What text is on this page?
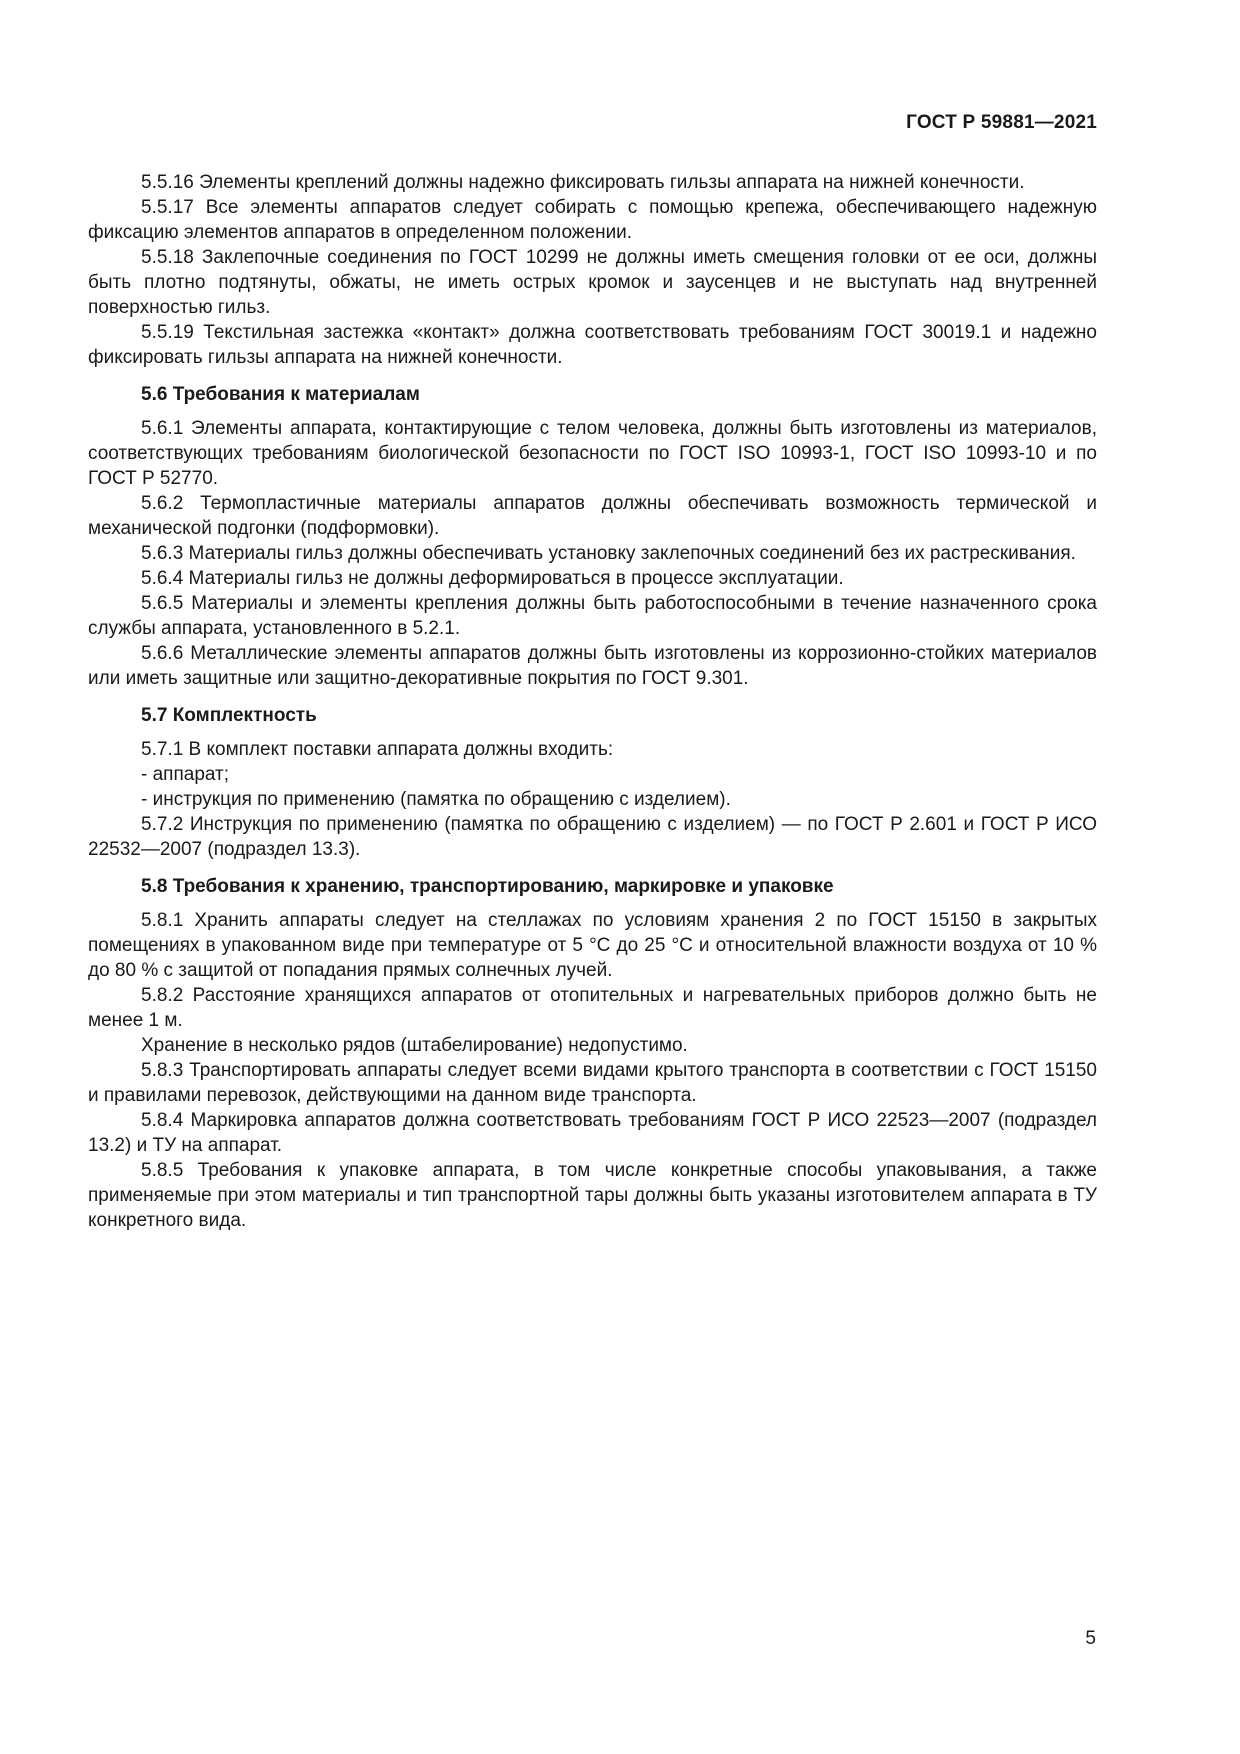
ГОСТ Р 59881—2021

5.5.16 Элементы креплений должны надежно фиксировать гильзы аппарата на нижней конечности.

5.5.17 Все элементы аппаратов следует собирать с помощью крепежа, обеспечивающего надежную фиксацию элементов аппаратов в определенном положении.

5.5.18 Заклепочные соединения по ГОСТ 10299 не должны иметь смещения головки от ее оси, должны быть плотно подтянуты, обжаты, не иметь острых кромок и заусенцев и не выступать над внутренней поверхностью гильз.

5.5.19 Текстильная застежка «контакт» должна соответствовать требованиям ГОСТ 30019.1 и надежно фиксировать гильзы аппарата на нижней конечности.

5.6 Требования к материалам

5.6.1 Элементы аппарата, контактирующие с телом человека, должны быть изготовлены из материалов, соответствующих требованиям биологической безопасности по ГОСТ ISO 10993-1, ГОСТ ISO 10993-10 и по ГОСТ Р 52770.

5.6.2 Термопластичные материалы аппаратов должны обеспечивать возможность термической и механической подгонки (подформовки).

5.6.3 Материалы гильз должны обеспечивать установку заклепочных соединений без их растрескивания.

5.6.4 Материалы гильз не должны деформироваться в процессе эксплуатации.

5.6.5 Материалы и элементы крепления должны быть работоспособными в течение назначенного срока службы аппарата, установленного в 5.2.1.

5.6.6 Металлические элементы аппаратов должны быть изготовлены из коррозионно-стойких материалов или иметь защитные или защитно-декоративные покрытия по ГОСТ 9.301.

5.7 Комплектность

5.7.1 В комплект поставки аппарата должны входить:

- аппарат;

- инструкция по применению (памятка по обращению с изделием).

5.7.2 Инструкция по применению (памятка по обращению с изделием) — по ГОСТ Р 2.601 и ГОСТ Р ИСО 22532—2007 (подраздел 13.3).

5.8 Требования к хранению, транспортированию, маркировке и упаковке

5.8.1 Хранить аппараты следует на стеллажах по условиям хранения 2 по ГОСТ 15150 в закрытых помещениях в упакованном виде при температуре от 5 °С до 25 °С и относительной влажности воздуха от 10 % до 80 % с защитой от попадания прямых солнечных лучей.

5.8.2 Расстояние хранящихся аппаратов от отопительных и нагревательных приборов должно быть не менее 1 м.

Хранение в несколько рядов (штабелирование) недопустимо.

5.8.3 Транспортировать аппараты следует всеми видами крытого транспорта в соответствии с ГОСТ 15150 и правилами перевозок, действующими на данном виде транспорта.

5.8.4 Маркировка аппаратов должна соответствовать требованиям ГОСТ Р ИСО 22523—2007 (подраздел 13.2) и ТУ на аппарат.

5.8.5 Требования к упаковке аппарата, в том числе конкретные способы упаковывания, а также применяемые при этом материалы и тип транспортной тары должны быть указаны изготовителем аппарата в ТУ конкретного вида.

5
